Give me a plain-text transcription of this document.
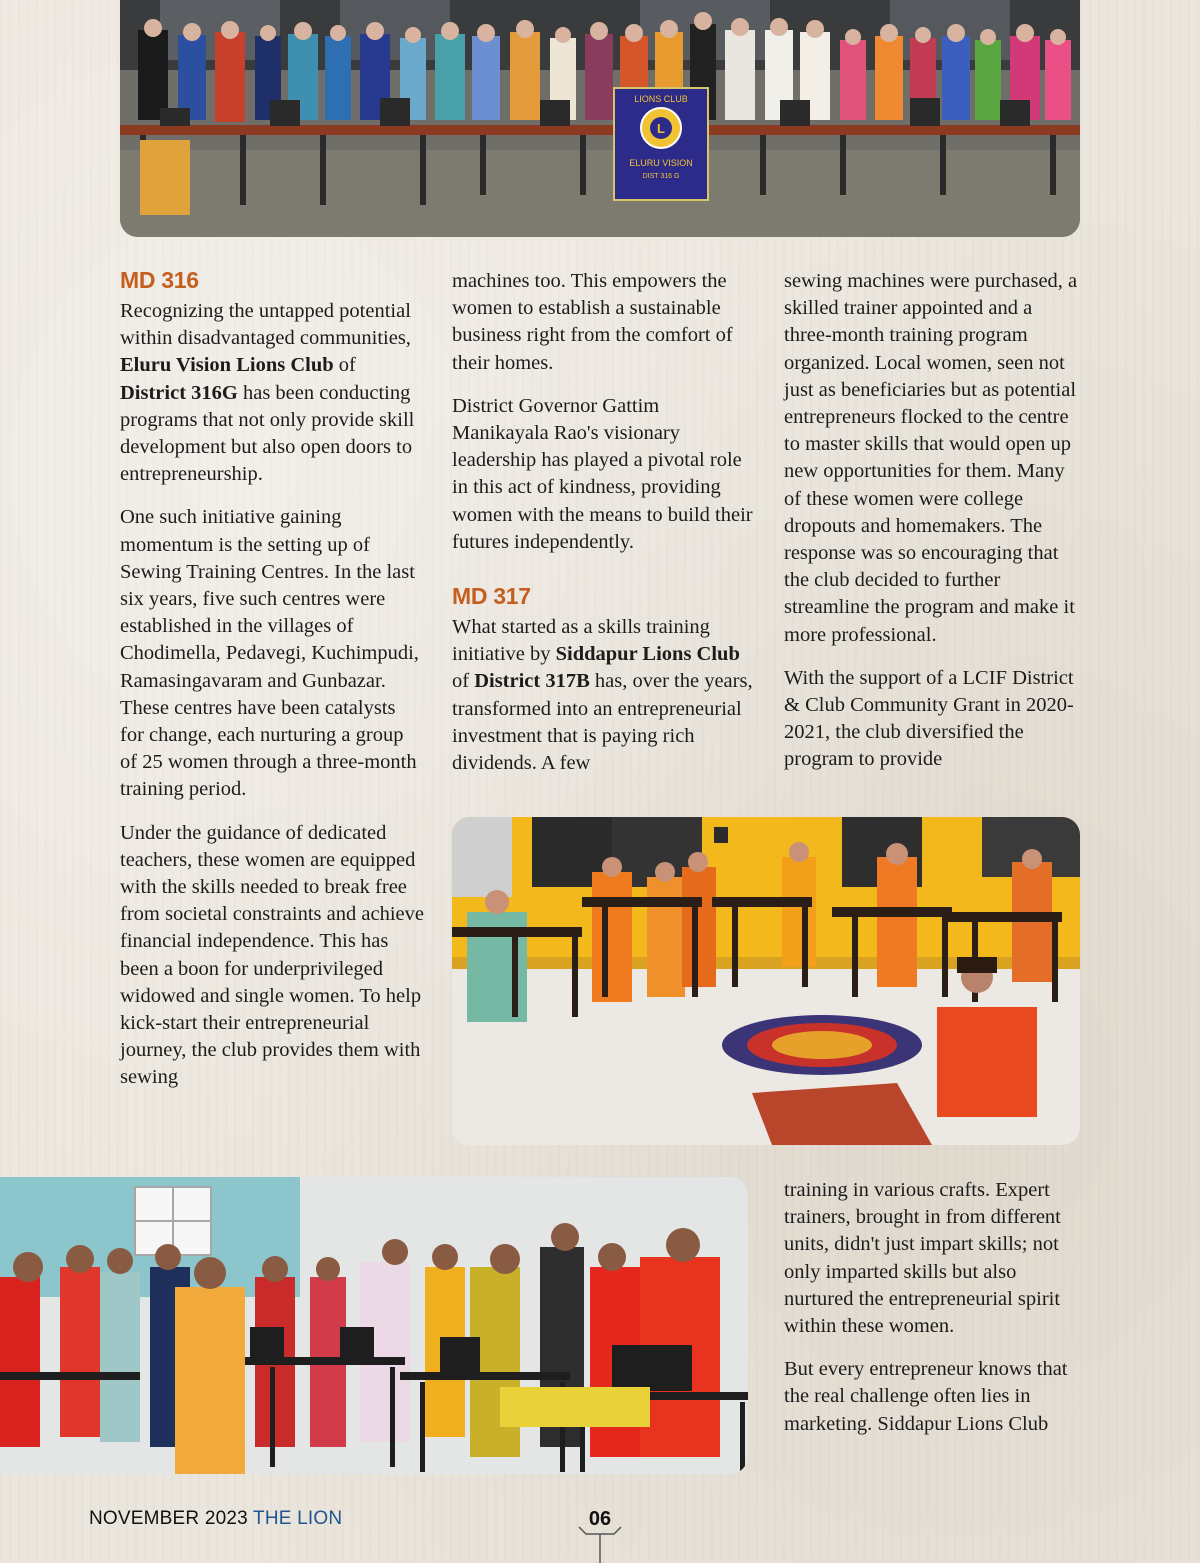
L
LIONS CLUB
ELURU VISION
DIST 316 G
MD 316

Recognizing the untapped potential within disadvantaged communities, Eluru Vision Lions Club of District 316G has been conducting programs that not only provide skill development but also open doors to entrepreneurship.

One such initiative gaining momentum is the setting up of Sewing Training Centres. In the last six years, five such centres were established in the villages of Chodimella, Pedavegi, Kuchimpudi, Ramasingavaram and Gunbazar. These centres have been catalysts for change, each nurturing a group of 25 women through a three-month training period.

Under the guidance of dedicated teachers, these women are equipped with the skills needed to break free from societal constraints and achieve financial independence. This has been a boon for underprivileged widowed and single women. To help kick-start their entrepreneurial journey, the club provides them with sewing

machines too. This empowers the women to establish a sustainable business right from the comfort of their homes.

District Governor Gattim Manikayala Rao's visionary leadership has played a pivotal role in this act of kindness, providing women with the means to build their futures independently.

MD 317

What started as a skills training initiative by Siddapur Lions Club of District 317B has, over the years, transformed into an entrepreneurial investment that is paying rich dividends. A few

sewing machines were purchased, a skilled trainer appointed and a three-month training program organized. Local women, seen not just as beneficiaries but as potential entrepreneurs flocked to the centre to master skills that would open up new opportunities for them. Many of these women were college dropouts and homemakers. The response was so encouraging that the club decided to further streamline the program and make it more professional.

With the support of a LCIF District & Club Community Grant in 2020-2021, the club diversified the program to provide

training in various crafts. Expert trainers, brought in from different units, didn't just impart skills; not only imparted skills but also nurtured the entrepreneurial spirit within these women.

But every entrepreneur knows that the real challenge often lies in marketing. Siddapur Lions Club

NOVEMBER 2023 THE LION	06
